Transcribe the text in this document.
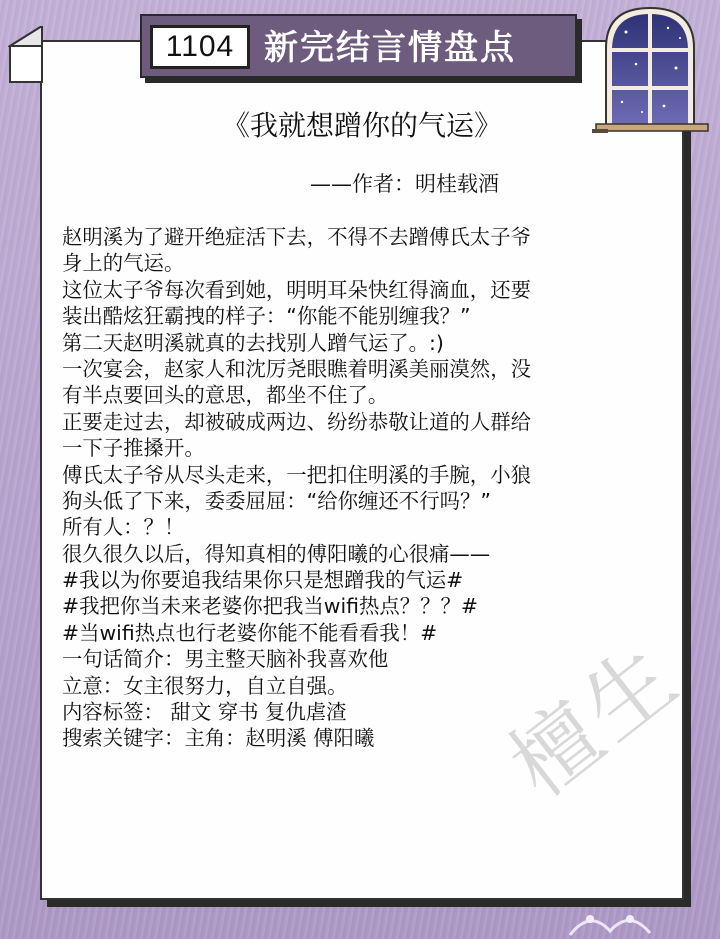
1104 新完结言情盘点
《我就想蹭你的气运》
——作者：明桂载酒
赵明溪为了避开绝症活下去，不得不去蹭傅氏太子爷
身上的气运。
这位太子爷每次看到她，明明耳朵快红得滴血，还要
装出酷炫狂霸拽的样子：“你能不能别缠我？”
第二天赵明溪就真的去找别人蹭气运了。:)
一次宴会，赵家人和沈厉尧眼瞧着明溪美丽漠然，没
有半点要回头的意思，都坐不住了。
正要走过去，却被破成两边、纷纷恭敬让道的人群给
一下子推搡开。
傅氏太子爷从尽头走来，一把扣住明溪的手腕，小狼
狗头低了下来，委委屈屈：“给你缠还不行吗？”
所有人：？！
很久很久以后，得知真相的傅阳曦的心很痛——
#我以为你要追我结果你只是想蹭我的气运#
#我把你当未来老婆你把我当wifi热点？？？#
#当wifi热点也行老婆你能不能看看我！#
一句话简介：男主整天脑补我喜欢他
立意：女主很努力，自立自强。
内容标签： 甜文 穿书 复仇虐渣
搜索关键字：主角：赵明溪 傅阳曦	檀生
